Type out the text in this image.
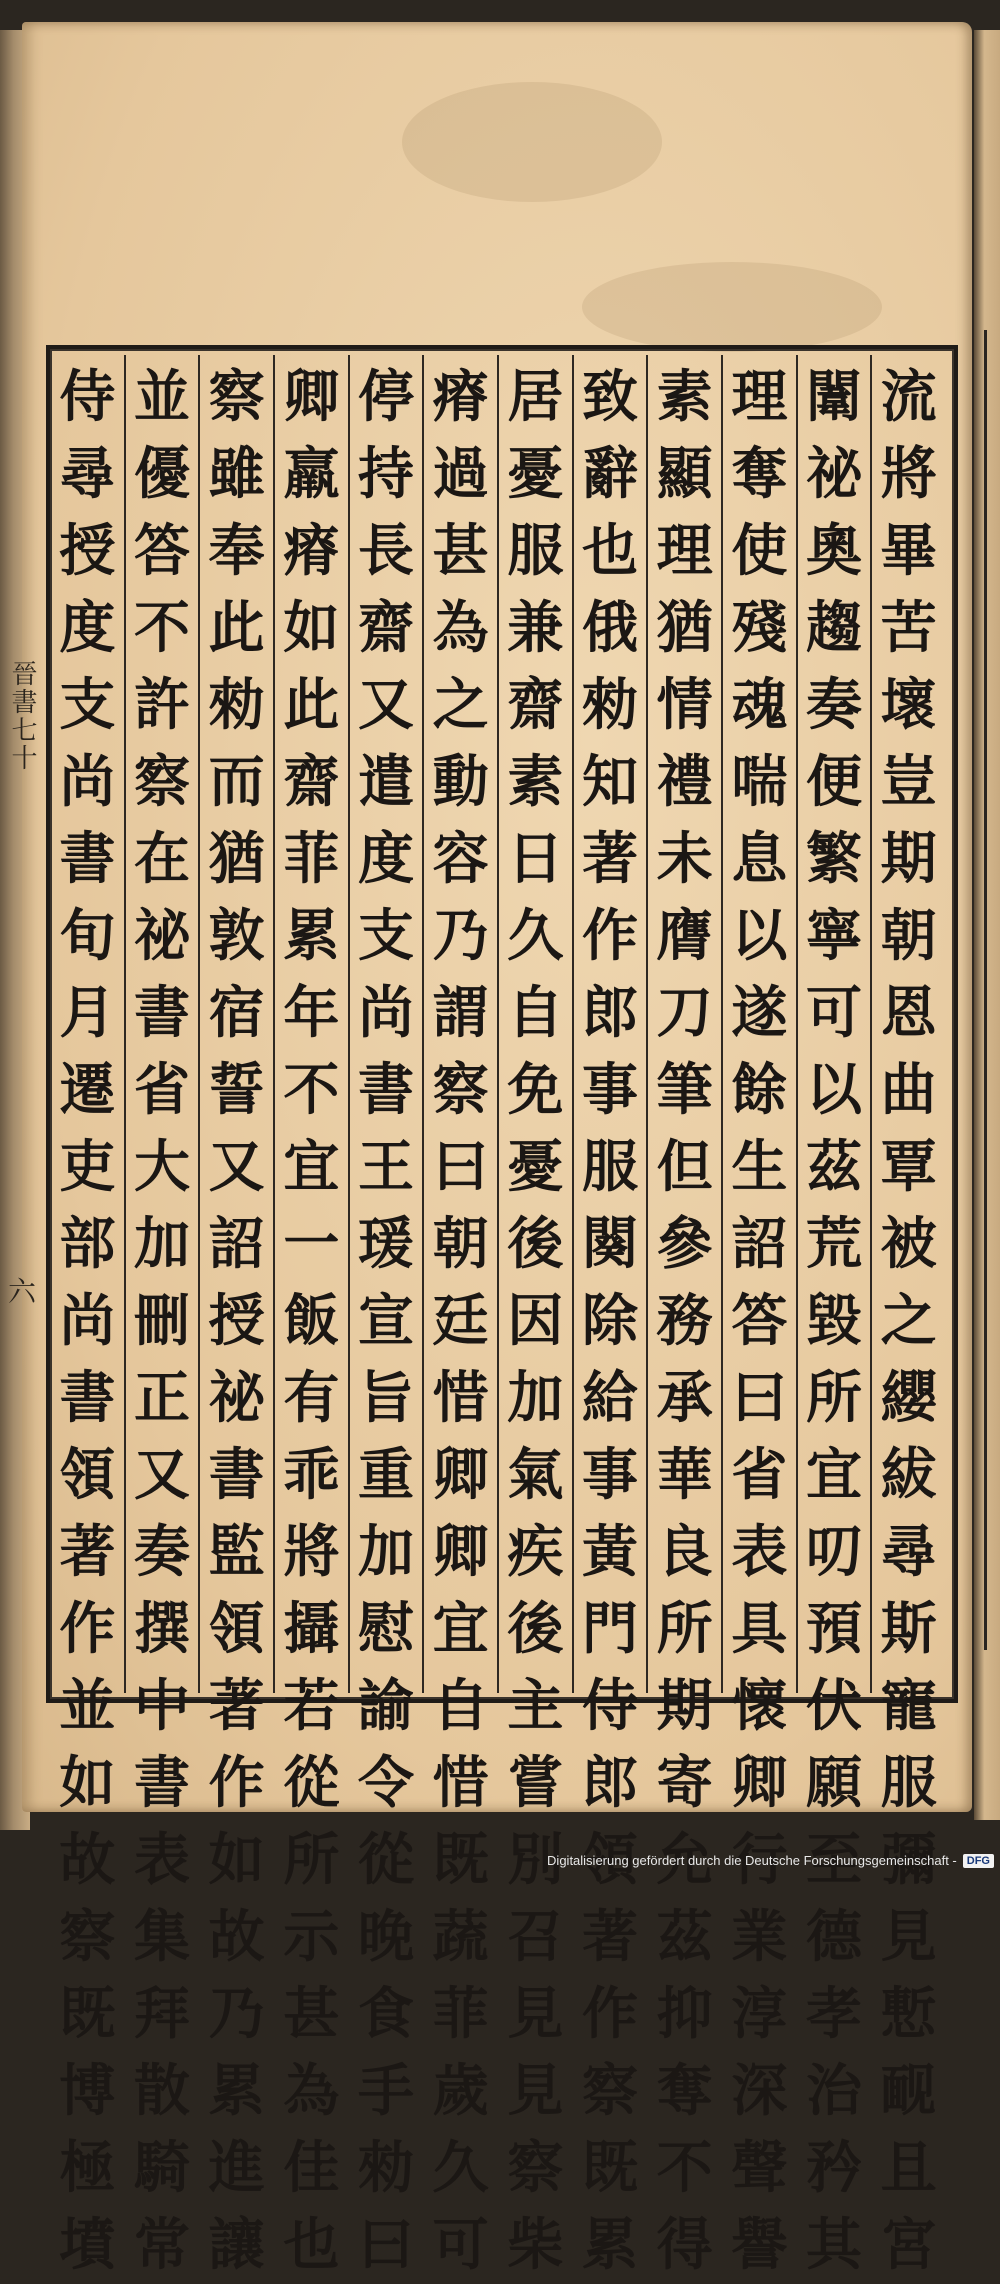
晉書七十
六
流
將
畢
苦
壞
豈
期
朝
恩
曲
覃
被
之
纓
紱
尋
斯
寵
服
彌
見
慙
䩄
且
宮
闈
祕
奧
趨
奏
便
繁
寧
可
以
茲
荒
毀
所
宜
叨
預
伏
願
至
德
孝
治
矜
其
理
奪
使
殘
魂
喘
息
以
遂
餘
生
詔
答
曰
省
表
具
懷
卿
行
業
淳
深
聲
譽
素
顯
理
猶
情
禮
未
膺
刀
筆
但
參
務
承
華
良
所
期
寄
允
茲
抑
奪
不
得
致
辭
也
俄
勑
知
著
作
郎
事
服
闋
除
給
事
黃
門
侍
郎
領
著
作
察
既
累
居
憂
服
兼
齋
素
日
久
自
免
憂
後
因
加
氣
疾
後
主
嘗
別
召
見
見
察
柴
瘠
過
甚
為
之
動
容
乃
謂
察
曰
朝
廷
惜
卿
卿
宜
自
惜
既
蔬
菲
歲
久
可
停
持
長
齋
又
遣
度
支
尚
書
王
瑗
宣
旨
重
加
慰
諭
令
從
晚
食
手
勑
曰
卿
羸
瘠
如
此
齋
菲
累
年
不
宜
一
飯
有
乖
將
攝
若
從
所
示
甚
為
佳
也
察
雖
奉
此
勑
而
猶
敦
宿
誓
又
詔
授
祕
書
監
領
著
作
如
故
乃
累
進
讓
並
優
答
不
許
察
在
祕
書
省
大
加
刪
正
又
奏
撰
中
書
表
集
拜
散
騎
常
侍
尋
授
度
支
尚
書
旬
月
遷
吏
部
尚
書
領
著
作
並
如
故
察
既
博
極
墳
Digitalisierung gefördert durch die Deutsche Forschungsgemeinschaft - DFG
